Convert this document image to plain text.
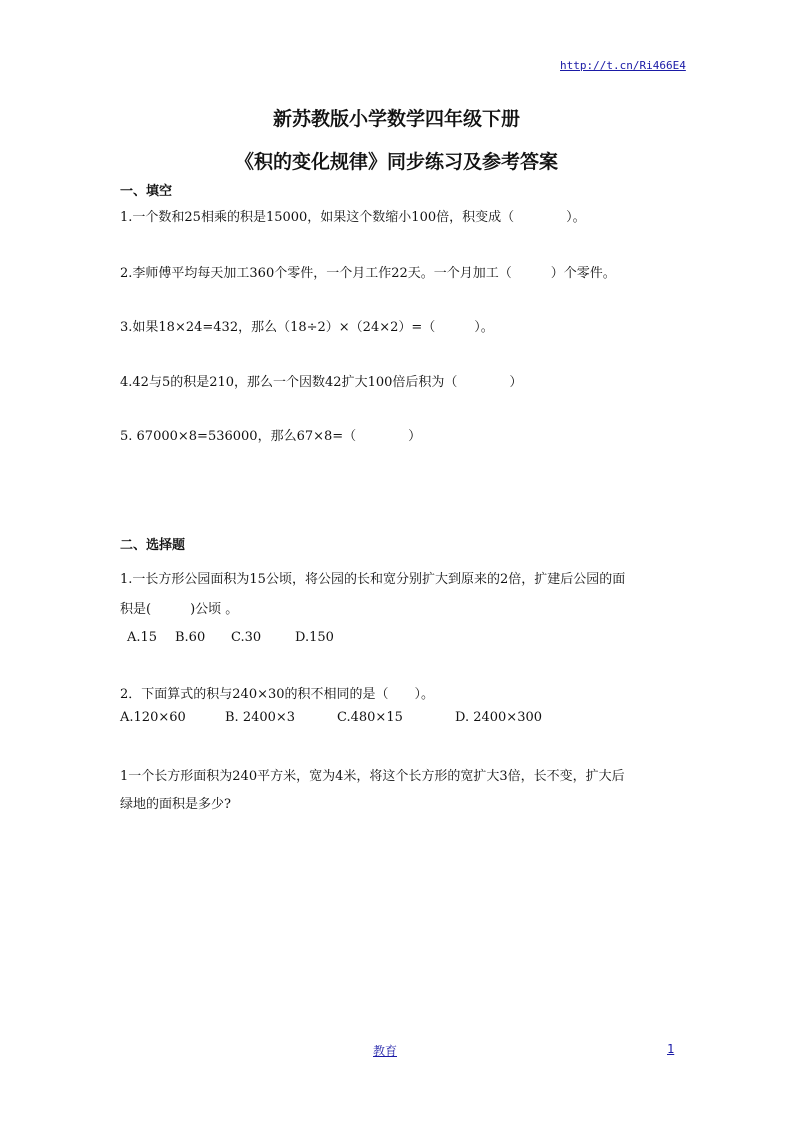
http://t.cn/Ri466E4
新苏教版小学数学四年级下册
《积的变化规律》同步练习及参考答案
一、填空
1.一个数和25相乘的积是15000，如果这个数缩小100倍，积变成（　　　　）。
2.李师傅平均每天加工360个零件，一个月工作22天。一个月加工（　　　）个零件。
3.如果18×24=432，那么（18÷2）×（24×2）=（　　　）。
4.42与5的积是210，那么一个因数42扩大100倍后积为（　　　　）
5. 67000×8=536000，那么67×8=（　　　　）
二、选择题
1.一长方形公园面积为15公顷，将公园的长和宽分别扩大到原来的2倍，扩建后公园的面
积是(　　　)公顷 。
A.15 B.60 C.30	D.150
2．下面算式的积与240×30的积不相同的是（　　）。
A.120×60	B. 2400×3	C.480×15	D. 2400×300
1一个长方形面积为240平方米，宽为4米，将这个长方形的宽扩大3倍，长不变，扩大后
绿地的面积是多少?
教育	1
